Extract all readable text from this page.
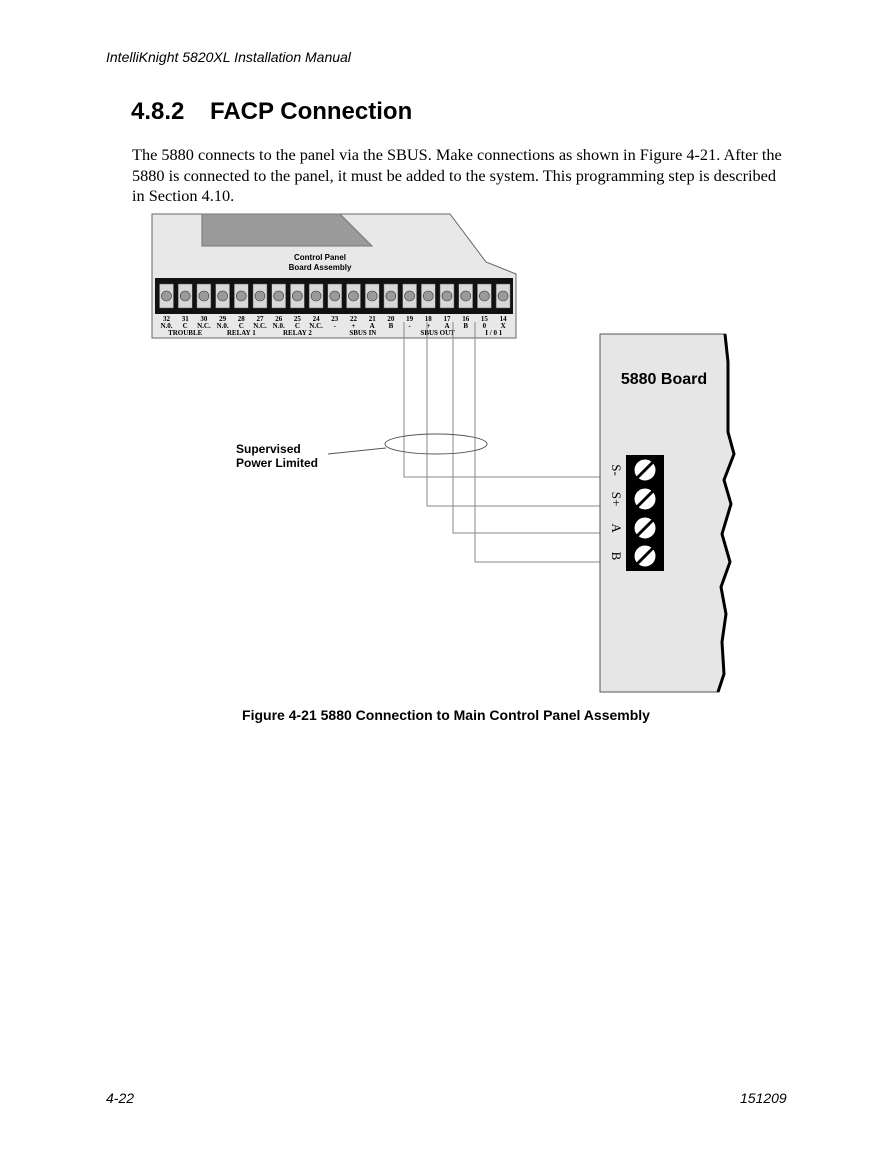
IntelliKnight 5820XL Installation Manual
4.8.2 FACP Connection

The 5880 connects to the panel via the SBUS. Make connections as shown in Figure 4-21. After the 5880 is connected to the panel, it must be added to the system. This programming step is described in Section 4.10.

Control Panel
Board Assembly
32
N.0.
31
C
30
N.C.
29
N.0.
28
C
27
N.C.
26
N.0.
25
C
24
N.C.
23
-
22
+
21
A
20
B
19
-
18
+
17
A
16
B
15
0
14
X
TROUBLE	RELAY 1	RELAY 2	SBUS IN	SBUS OUT	I / 0 1
Supervised
Power Limited
5880 Board
S-
S+
A
B
Figure 4-21 5880 Connection to Main Control Panel Assembly
4-22	151209
